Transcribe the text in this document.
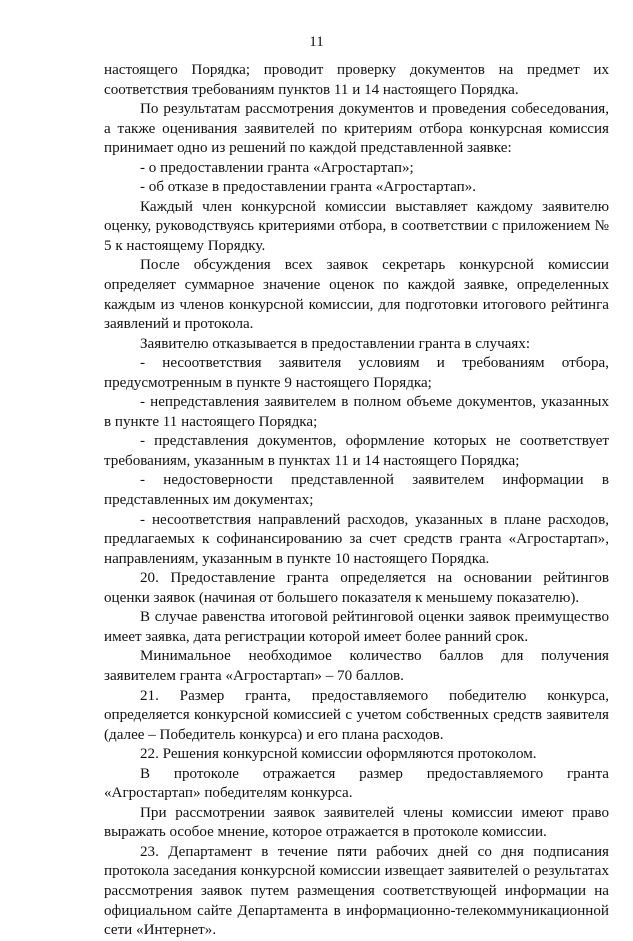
11

настоящего Порядка; проводит проверку документов на предмет их соответствия требованиям пунктов 11 и 14 настоящего Порядка.

По результатам рассмотрения документов и проведения собеседования, а также оценивания заявителей по критериям отбора конкурсная комиссия принимает одно из решений по каждой представленной заявке:

- о предоставлении гранта «Агростартап»;

- об отказе в предоставлении гранта «Агростартап».

Каждый член конкурсной комиссии выставляет каждому заявителю оценку, руководствуясь критериями отбора, в соответствии с приложением № 5 к настоящему Порядку.

После обсуждения всех заявок секретарь конкурсной комиссии определяет суммарное значение оценок по каждой заявке, определенных каждым из членов конкурсной комиссии, для подготовки итогового рейтинга заявлений и протокола.

Заявителю отказывается в предоставлении гранта в случаях:

- несоответствия заявителя условиям и требованиям отбора, предусмотренным в пункте 9 настоящего Порядка;

- непредставления заявителем в полном объеме документов, указанных в пункте 11 настоящего Порядка;

- представления документов, оформление которых не соответствует требованиям, указанным в пунктах 11 и 14 настоящего Порядка;

- недостоверности представленной заявителем информации в представленных им документах;

- несоответствия направлений расходов, указанных в плане расходов, предлагаемых к софинансированию за счет средств гранта «Агростартап», направлениям, указанным в пункте 10 настоящего Порядка.

20. Предоставление гранта определяется на основании рейтингов оценки заявок (начиная от большего показателя к меньшему показателю).

В случае равенства итоговой рейтинговой оценки заявок преимущество имеет заявка, дата регистрации которой имеет более ранний срок.

Минимальное необходимое количество баллов для получения заявителем гранта «Агростартап» – 70 баллов.

21. Размер гранта, предоставляемого победителю конкурса, определяется конкурсной комиссией с учетом собственных средств заявителя (далее – Победитель конкурса) и его плана расходов.

22. Решения конкурсной комиссии оформляются протоколом.

В протоколе отражается размер предоставляемого гранта «Агростартап» победителям конкурса.

При рассмотрении заявок заявителей члены комиссии имеют право выражать особое мнение, которое отражается в протоколе комиссии.

23. Департамент в течение пяти рабочих дней со дня подписания протокола заседания конкурсной комиссии извещает заявителей о результатах рассмотрения заявок путем размещения соответствующей информации на официальном сайте Департамента в информационно-телекоммуникационной сети «Интернет».
